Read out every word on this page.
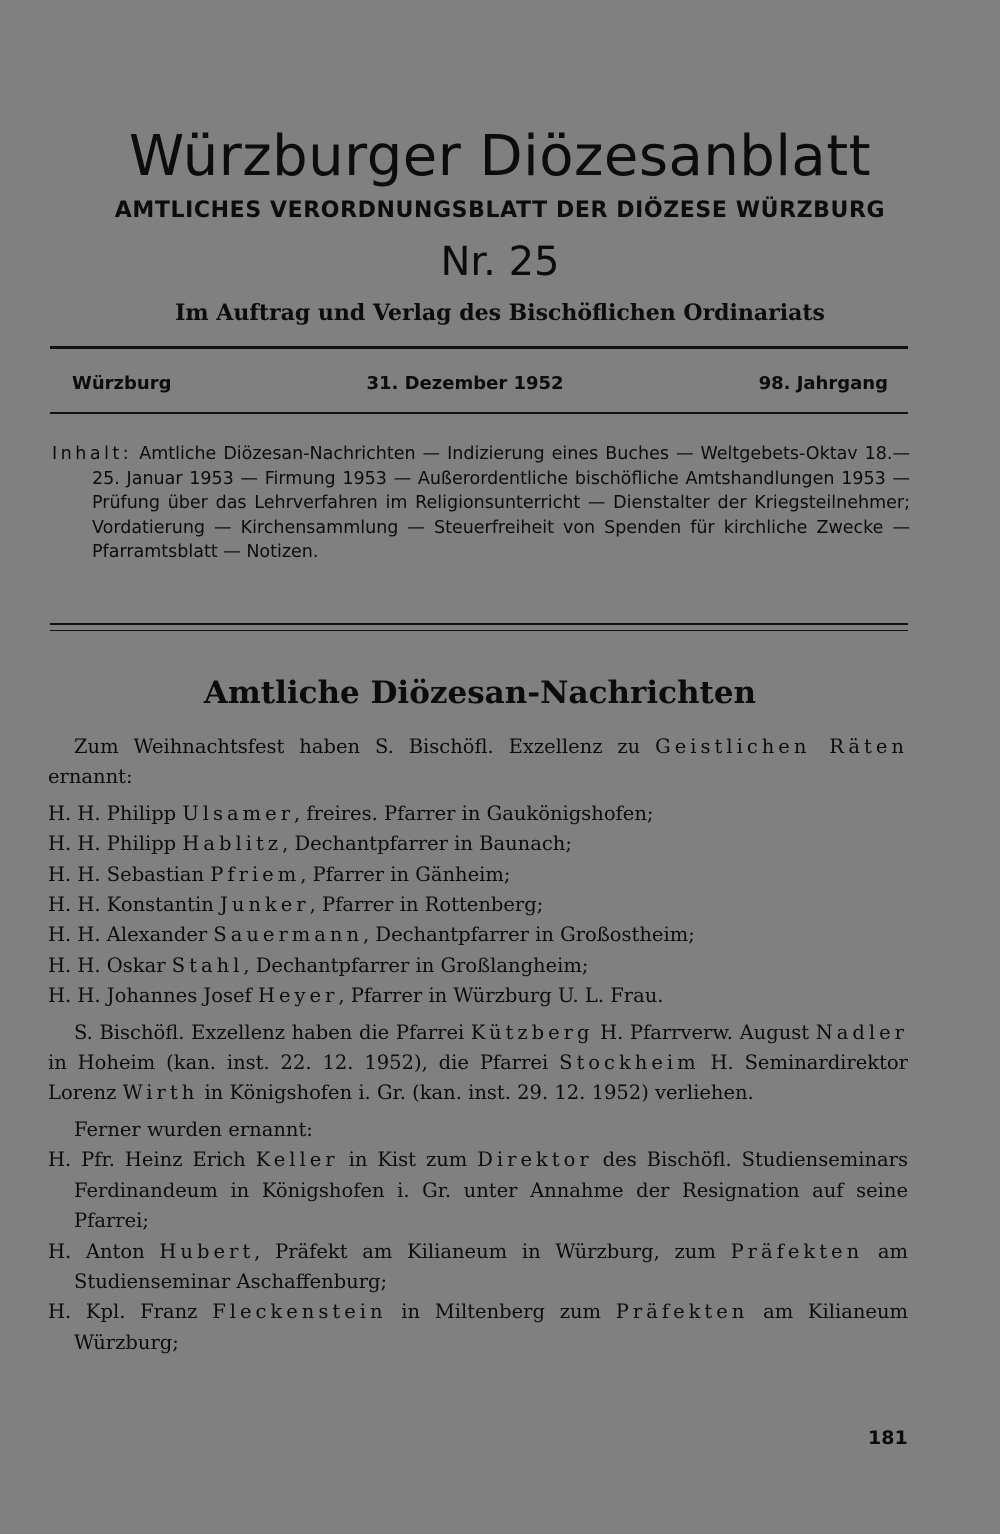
Würzburger Diözesanblatt
AMTLICHES VERORDNUNGSBLATT DER DIÖZESE WÜRZBURG
Nr. 25
Im Auftrag und Verlag des Bischöflichen Ordinariats
Würzburg	31. Dezember 1952	98. Jahrgang

Inhalt: Amtliche Diözesan-Nachrichten — Indizierung eines Buches — Weltgebets-Oktav 18.—25. Januar 1953 — Firmung 1953 — Außerordentliche bischöfliche Amtshandlungen 1953 — Prüfung über das Lehrverfahren im Religionsunterricht — Dienstalter der Kriegsteilnehmer; Vordatierung — Kirchensammlung — Steuerfreiheit von Spenden für kirchliche Zwecke — Pfarramtsblatt — Notizen.

Amtliche Diözesan-Nachrichten

Zum Weihnachtsfest haben S. Bischöfl. Exzellenz zu Geistlichen Räten ernannt:

H. H. Philipp Ulsamer, freires. Pfarrer in Gaukönigshofen;

H. H. Philipp Hablitz, Dechantpfarrer in Baunach;

H. H. Sebastian Pfriem, Pfarrer in Gänheim;

H. H. Konstantin Junker, Pfarrer in Rottenberg;

H. H. Alexander Sauermann, Dechantpfarrer in Großostheim;

H. H. Oskar Stahl, Dechantpfarrer in Großlangheim;

H. H. Johannes Josef Heyer, Pfarrer in Würzburg U. L. Frau.

S. Bischöfl. Exzellenz haben die Pfarrei Kützberg H. Pfarrverw. August Nadler in Hoheim (kan. inst. 22. 12. 1952), die Pfarrei Stockheim H. Seminardirektor Lorenz Wirth in Königshofen i. Gr. (kan. inst. 29. 12. 1952) verliehen.

Ferner wurden ernannt:

H. Pfr. Heinz Erich Keller in Kist zum Direktor des Bischöfl. Studienseminars Ferdinandeum in Königshofen i. Gr. unter Annahme der Resignation auf seine Pfarrei;

H. Anton Hubert, Präfekt am Kilianeum in Würzburg, zum Präfekten am Studienseminar Aschaffenburg;

H. Kpl. Franz Fleckenstein in Miltenberg zum Präfekten am Kilianeum Würzburg;

181
